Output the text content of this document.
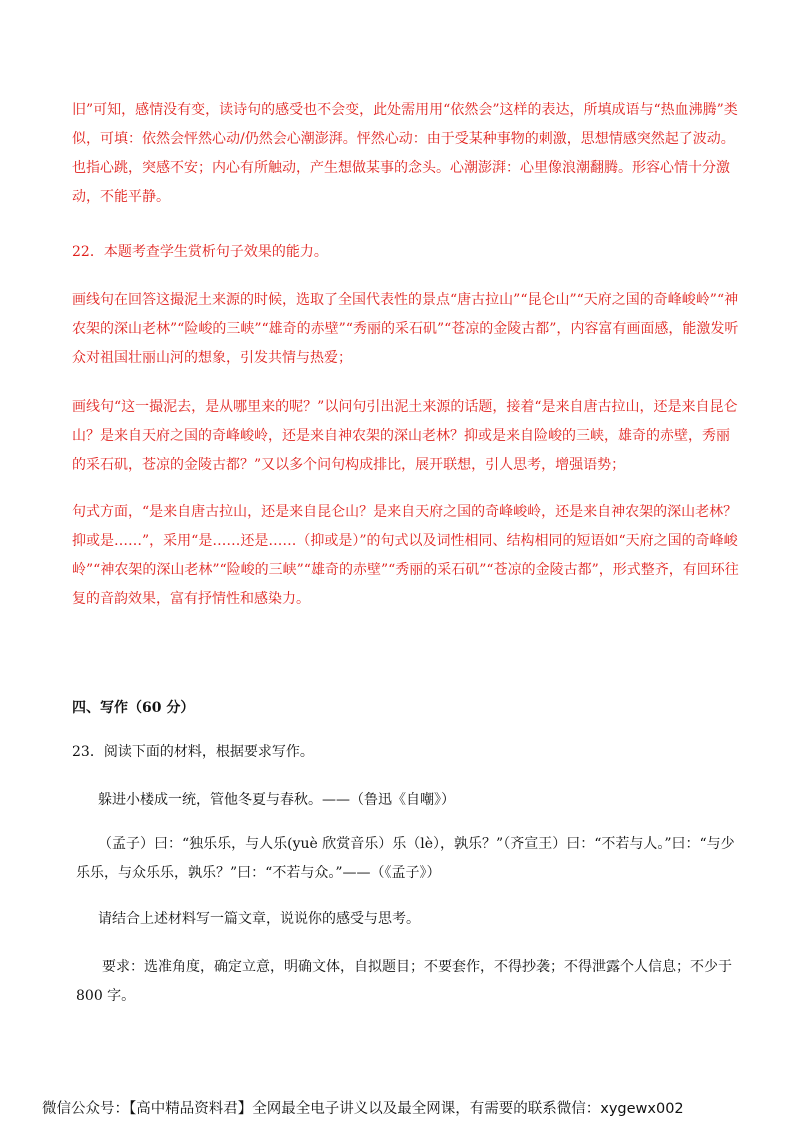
旧”可知，感情没有变，读诗句的感受也不会变，此处需用用“依然会”这样的表达，所填成语与“热血沸腾”类似，可填：依然会怦然心动/仍然会心潮澎湃。怦然心动：由于受某种事物的刺激，思想情感突然起了波动。也指心跳，突感不安；内心有所触动，产生想做某事的念头。心潮澎湃：心里像浪潮翻腾。形容心情十分激动，不能平静。

22．本题考查学生赏析句子效果的能力。

画线句在回答这撮泥土来源的时候，选取了全国代表性的景点“唐古拉山”“昆仑山”“天府之国的奇峰峻岭”“神农架的深山老林”“险峻的三峡”“雄奇的赤壁”“秀丽的采石矶”“苍凉的金陵古都”，内容富有画面感，能激发听众对祖国壮丽山河的想象，引发共情与热爱；

画线句“这一撮泥去，是从哪里来的呢？”以问句引出泥土来源的话题，接着“是来自唐古拉山，还是来自昆仑山？是来自天府之国的奇峰峻岭，还是来自神农架的深山老林？抑或是来自险峻的三峡，雄奇的赤壁，秀丽的采石矶，苍凉的金陵古都？”又以多个问句构成排比，展开联想，引人思考，增强语势；

句式方面，“是来自唐古拉山，还是来自昆仑山？是来自天府之国的奇峰峻岭，还是来自神农架的深山老林？抑或是……”，采用“是……还是……（抑或是）”的句式以及词性相同、结构相同的短语如“天府之国的奇峰峻岭”“神农架的深山老林”“险峻的三峡”“雄奇的赤壁”“秀丽的采石矶”“苍凉的金陵古都”，形式整齐，有回环往复的音韵效果，富有抒情性和感染力。

四、写作（60 分）

23．阅读下面的材料，根据要求写作。

躲进小楼成一统，管他冬夏与春秋。——（鲁迅《自嘲》）

（孟子）曰：“独乐乐，与人乐(yuè 欣赏音乐）乐（lè），孰乐？”（齐宣王）曰：“不若与人。”曰：“与少乐乐，与众乐乐，孰乐？”曰：“不若与众。”——（《孟子》）

请结合上述材料写一篇文章，说说你的感受与思考。

要求：选准角度，确定立意，明确文体，自拟题目；不要套作，不得抄袭；不得泄露个人信息；不少于 800 字。

微信公众号：【高中精品资料君】全网最全电子讲义以及最全网课，有需要的联系微信：xygewx002
